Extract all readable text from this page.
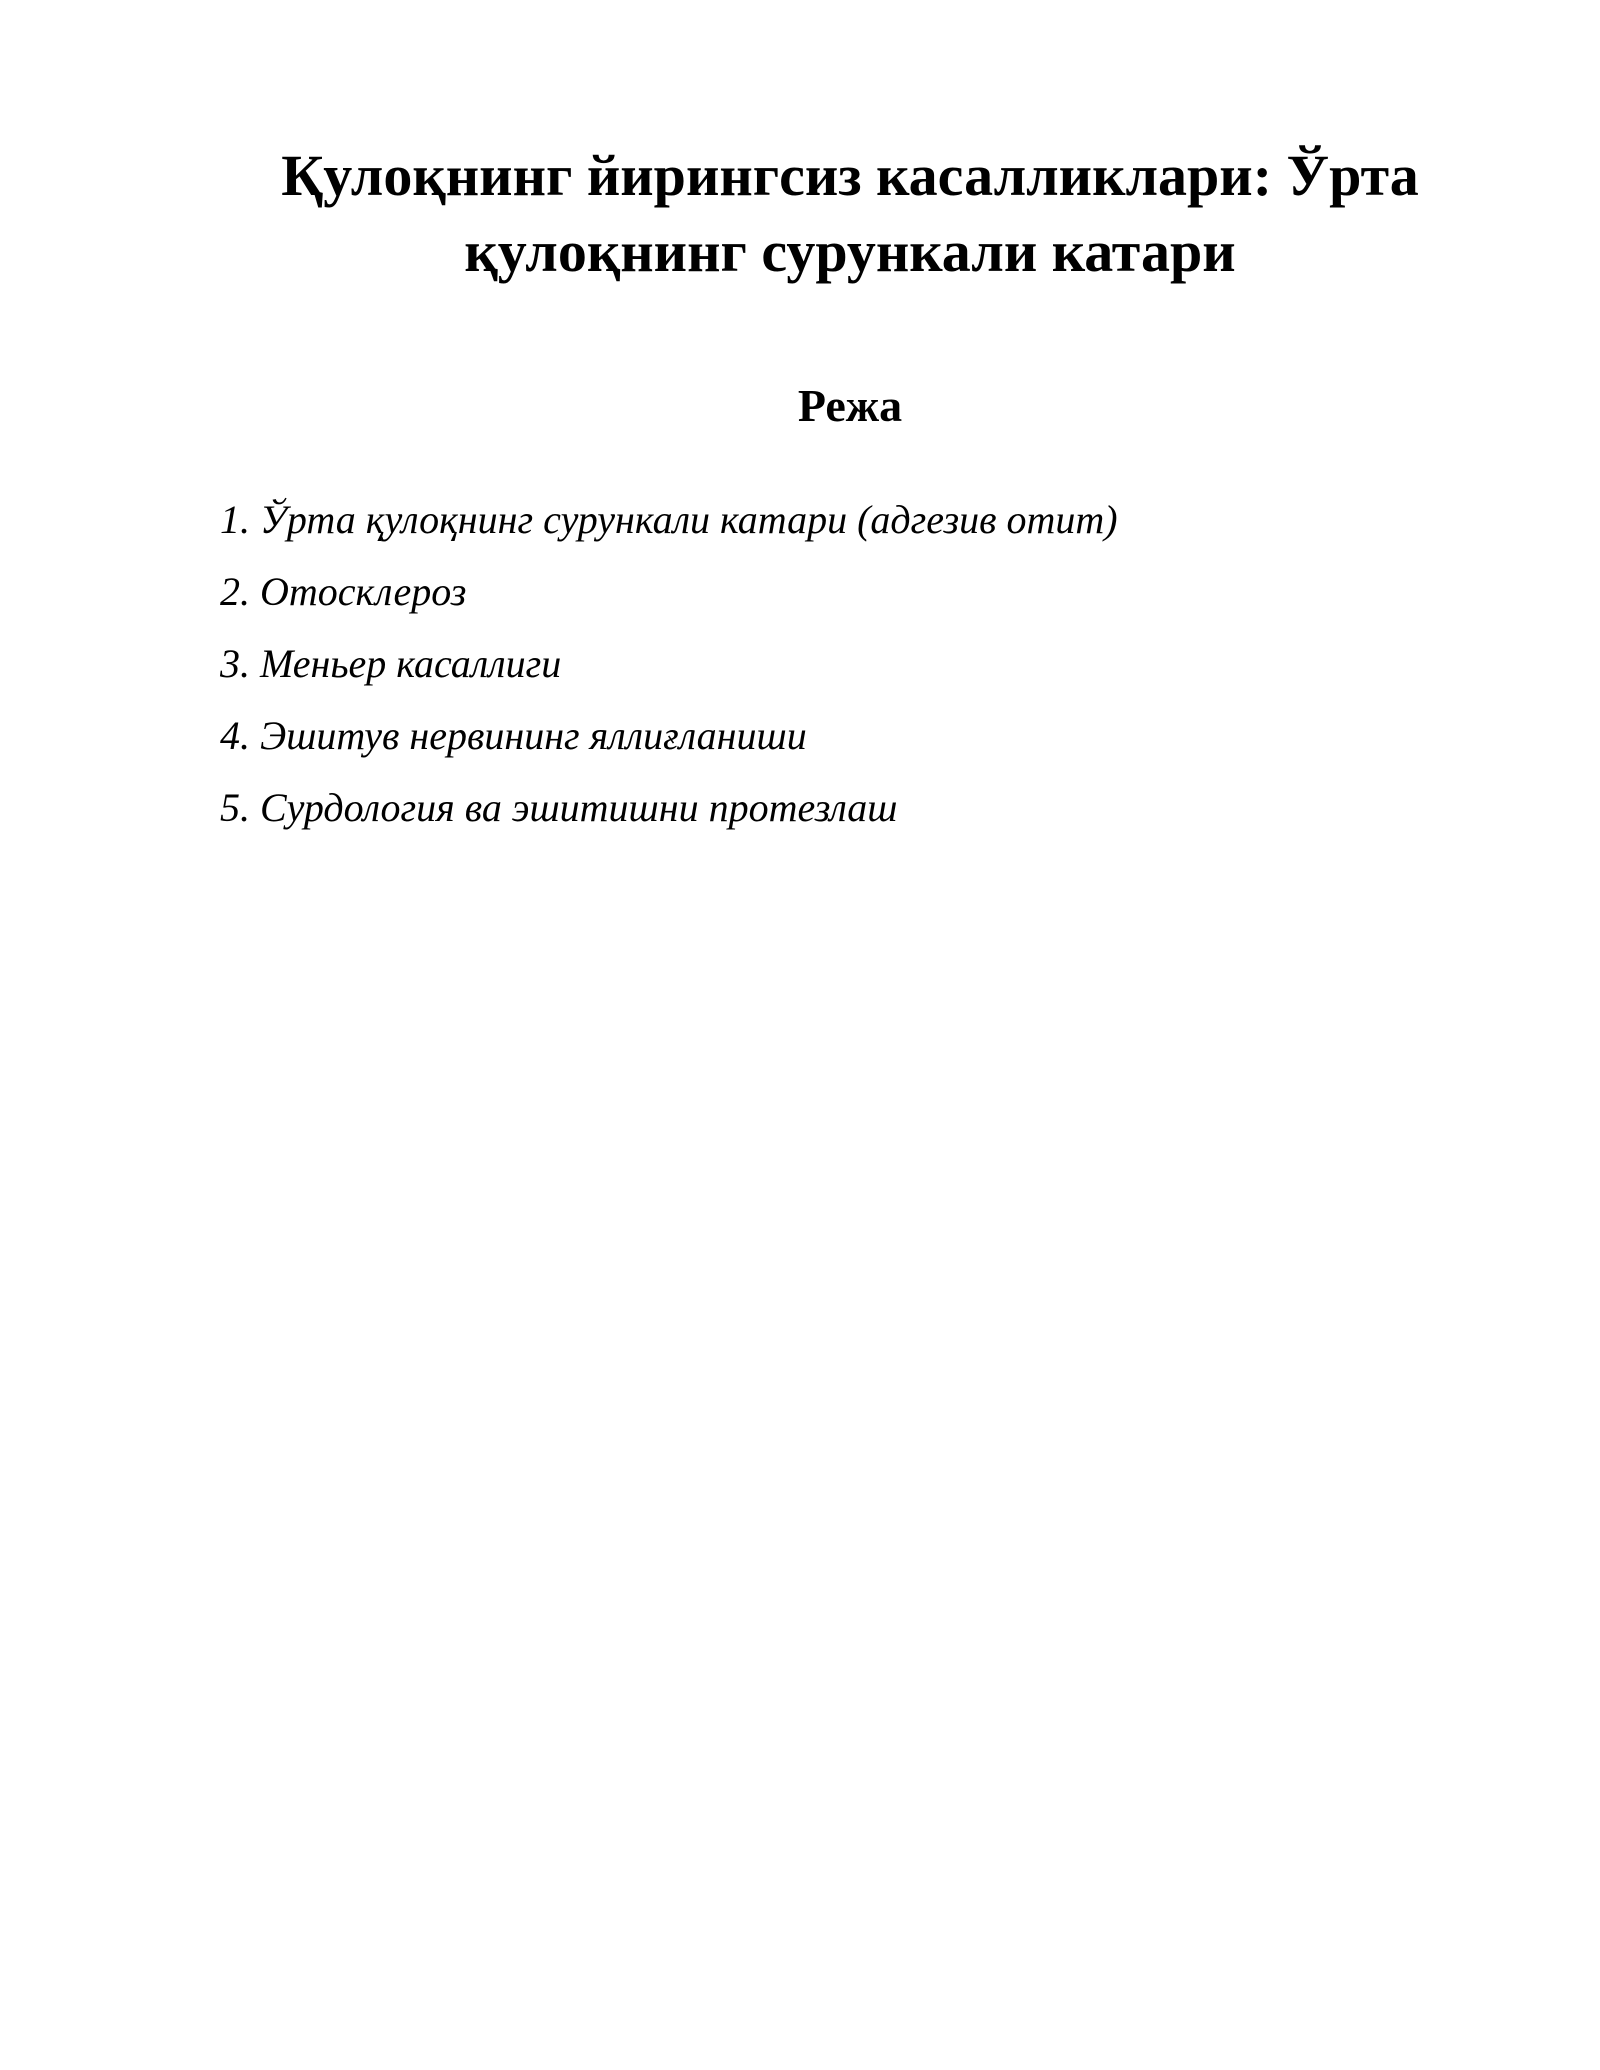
Қулоқнинг йирингсиз касалликлари: Ўрта
қулоқнинг сурункали катари
Режа
1. Ўрта қулоқнинг сурункали катари (адгезив отит)
2. Отосклероз
3. Меньер касаллиги
4. Эшитув нервининг яллиғланиши
5. Сурдология ва эшитишни протезлаш
